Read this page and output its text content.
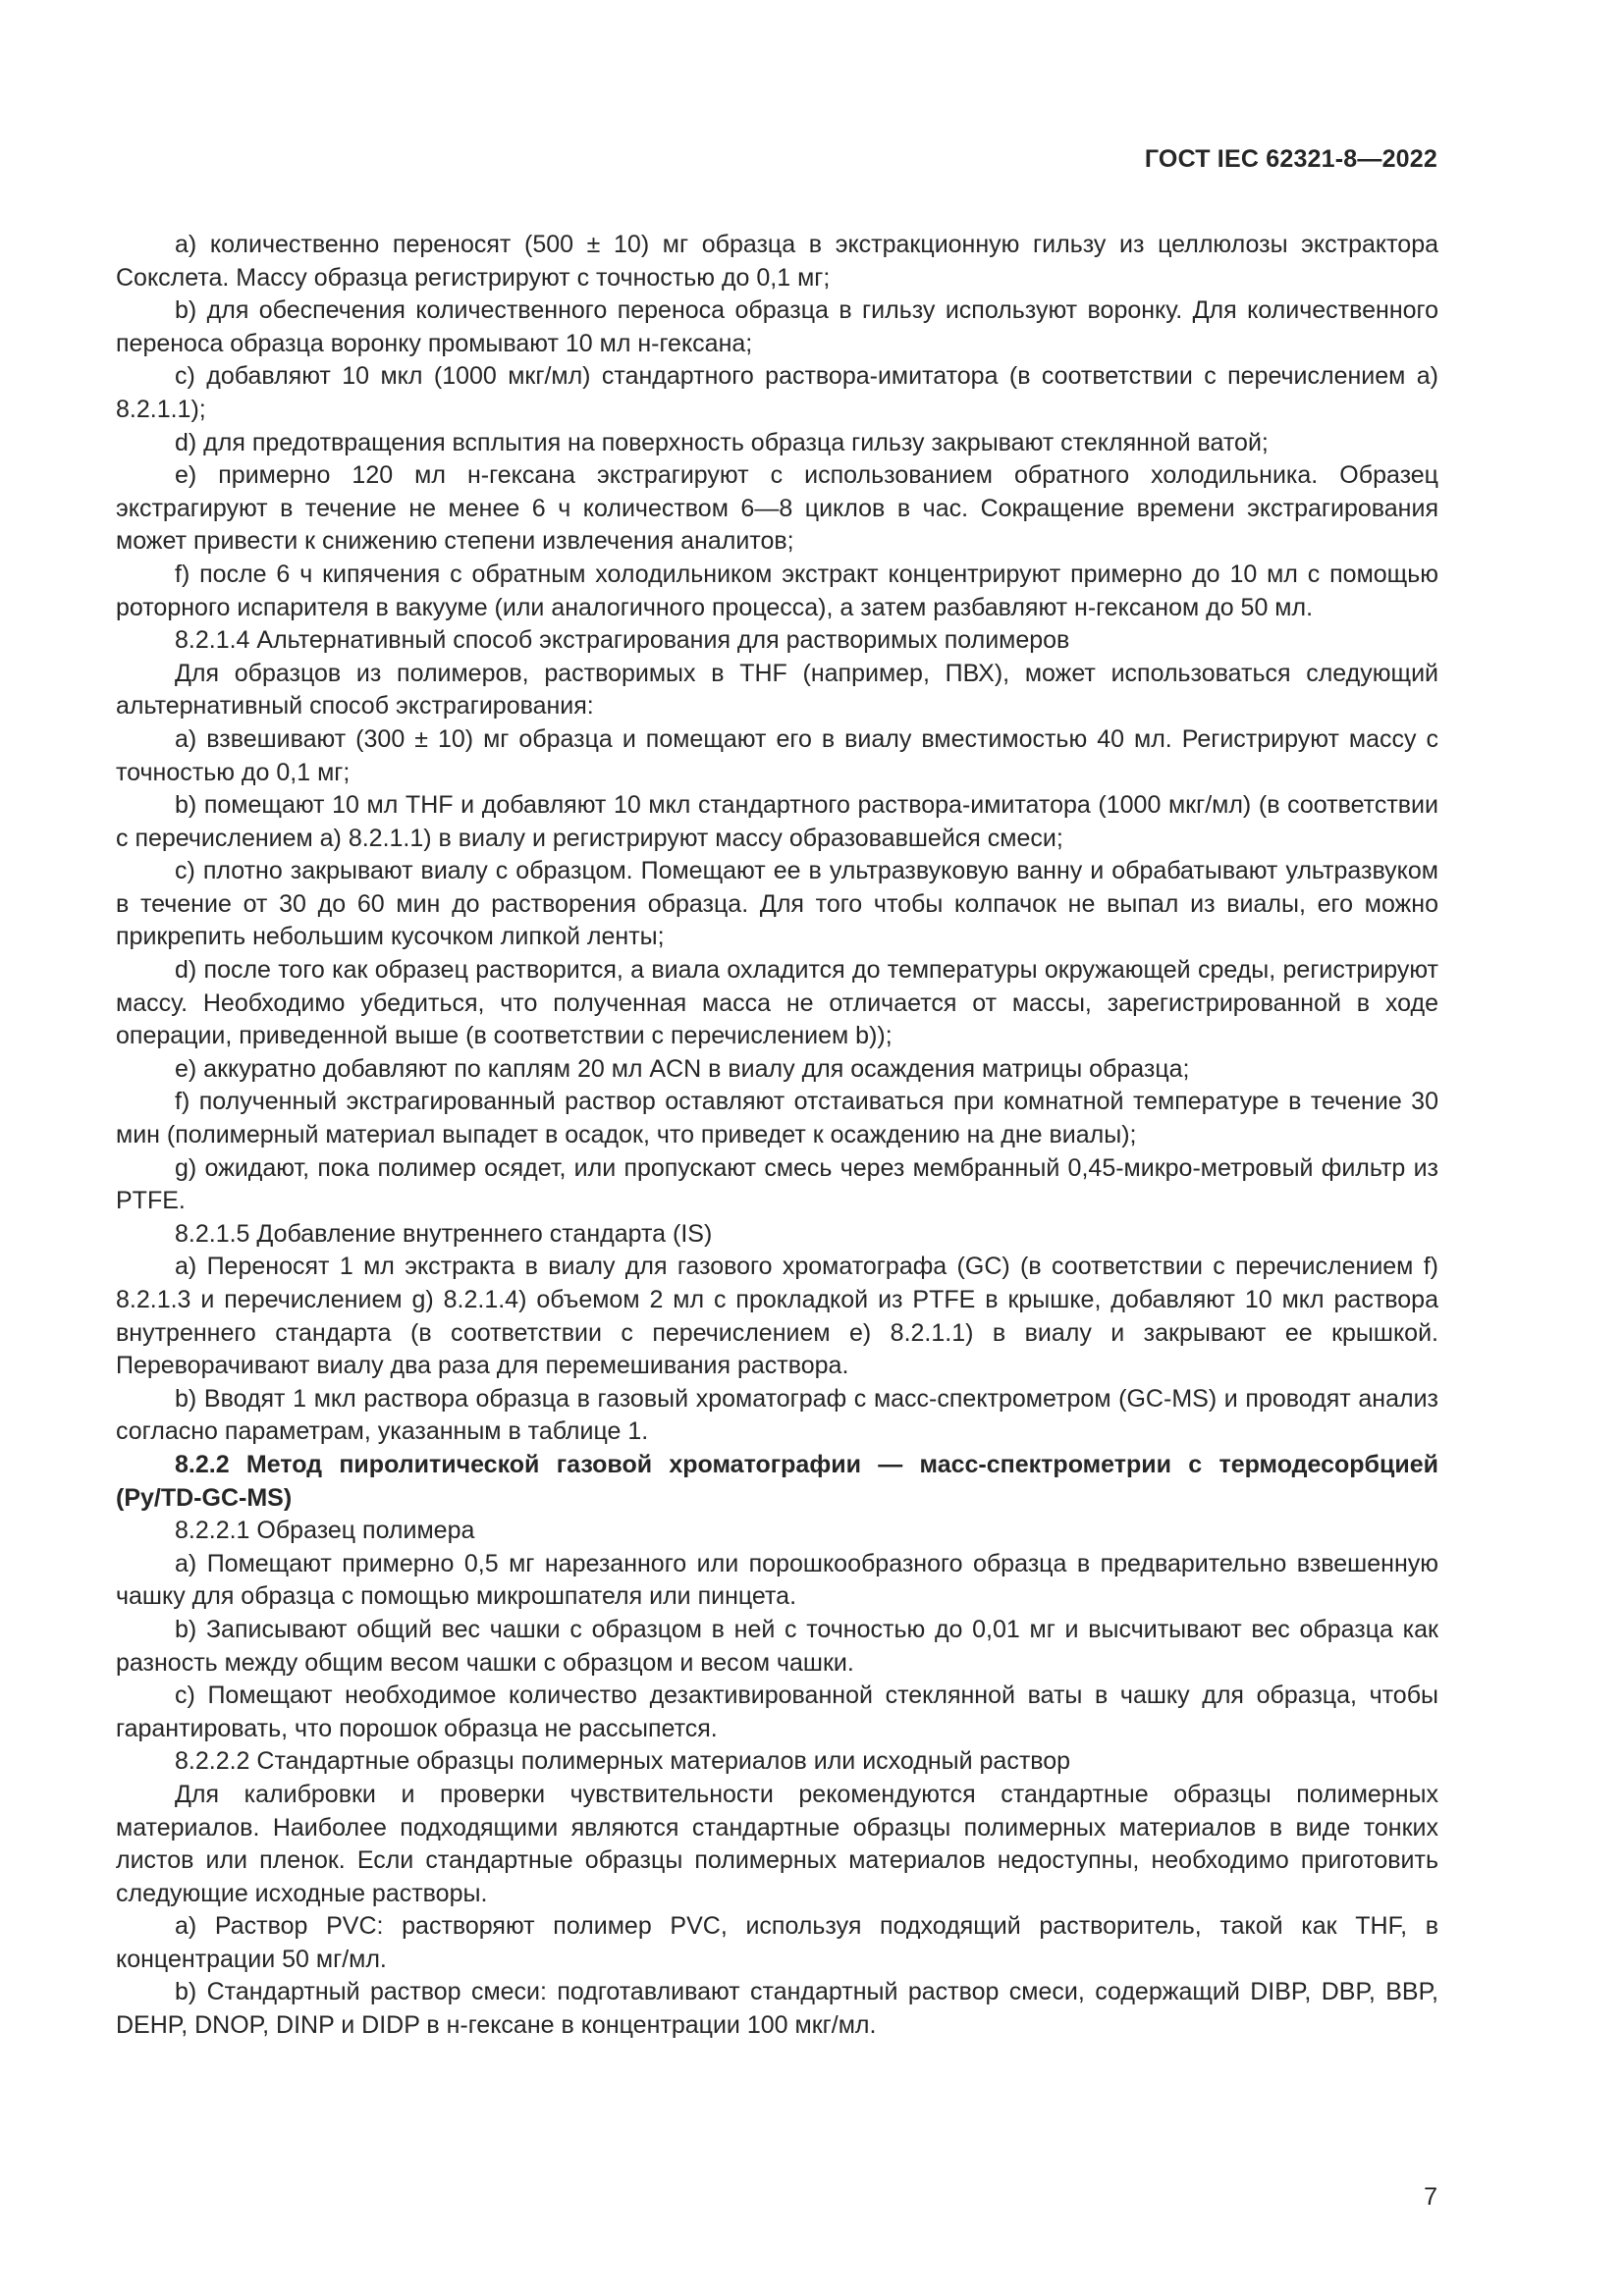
ГОСТ IEC 62321-8—2022

a) количественно переносят (500 ± 10) мг образца в экстракционную гильзу из целлюлозы экстрактора Сокслета. Массу образца регистрируют с точностью до 0,1 мг;

b) для обеспечения количественного переноса образца в гильзу используют воронку. Для количественного переноса образца воронку промывают 10 мл н-гексана;

c) добавляют 10 мкл (1000 мкг/мл) стандартного раствора-имитатора (в соответствии с перечислением a) 8.2.1.1);

d) для предотвращения всплытия на поверхность образца гильзу закрывают стеклянной ватой;

e) примерно 120 мл н-гексана экстрагируют с использованием обратного холодильника. Образец экстрагируют в течение не менее 6 ч количеством 6—8 циклов в час. Сокращение времени экстрагирования может привести к снижению степени извлечения аналитов;

f) после 6 ч кипячения с обратным холодильником экстракт концентрируют примерно до 10 мл с помощью роторного испарителя в вакууме (или аналогичного процесса), а затем разбавляют н-гексаном до 50 мл.

8.2.1.4 Альтернативный способ экстрагирования для растворимых полимеров

Для образцов из полимеров, растворимых в THF (например, ПВХ), может использоваться следующий альтернативный способ экстрагирования:

a) взвешивают (300 ± 10) мг образца и помещают его в виалу вместимостью 40 мл. Регистрируют массу с точностью до 0,1 мг;

b) помещают 10 мл THF и добавляют 10 мкл стандартного раствора-имитатора (1000 мкг/мл) (в соответствии с перечислением a) 8.2.1.1) в виалу и регистрируют массу образовавшейся смеси;

c) плотно закрывают виалу с образцом. Помещают ее в ультразвуковую ванну и обрабатывают ультразвуком в течение от 30 до 60 мин до растворения образца. Для того чтобы колпачок не выпал из виалы, его можно прикрепить небольшим кусочком липкой ленты;

d) после того как образец растворится, а виала охладится до температуры окружающей среды, регистрируют массу. Необходимо убедиться, что полученная масса не отличается от массы, зарегистрированной в ходе операции, приведенной выше (в соответствии с перечислением b));

e) аккуратно добавляют по каплям 20 мл ACN в виалу для осаждения матрицы образца;

f) полученный экстрагированный раствор оставляют отстаиваться при комнатной температуре в течение 30 мин (полимерный материал выпадет в осадок, что приведет к осаждению на дне виалы);

g) ожидают, пока полимер осядет, или пропускают смесь через мембранный 0,45-микро-метровый фильтр из PTFE.

8.2.1.5 Добавление внутреннего стандарта (IS)

a) Переносят 1 мл экстракта в виалу для газового хроматографа (GC) (в соответствии с перечислением f) 8.2.1.3 и перечислением g) 8.2.1.4) объемом 2 мл с прокладкой из PTFE в крышке, добавляют 10 мкл раствора внутреннего стандарта (в соответствии с перечислением e) 8.2.1.1) в виалу и закрывают ее крышкой. Переворачивают виалу два раза для перемешивания раствора.

b) Вводят 1 мкл раствора образца в газовый хроматограф с масс-спектрометром (GC-MS) и проводят анализ согласно параметрам, указанным в таблице 1.

8.2.2 Метод пиролитической газовой хроматографии — масс-спектрометрии с термодесорбцией (Py/TD-GC-MS)

8.2.2.1 Образец полимера

a) Помещают примерно 0,5 мг нарезанного или порошкообразного образца в предварительно взвешенную чашку для образца с помощью микрошпателя или пинцета.

b) Записывают общий вес чашки с образцом в ней с точностью до 0,01 мг и высчитывают вес образца как разность между общим весом чашки с образцом и весом чашки.

c) Помещают необходимое количество дезактивированной стеклянной ваты в чашку для образца, чтобы гарантировать, что порошок образца не рассыпется.

8.2.2.2 Стандартные образцы полимерных материалов или исходный раствор

Для калибровки и проверки чувствительности рекомендуются стандартные образцы полимерных материалов. Наиболее подходящими являются стандартные образцы полимерных материалов в виде тонких листов или пленок. Если стандартные образцы полимерных материалов недоступны, необходимо приготовить следующие исходные растворы.

a) Раствор PVC: растворяют полимер PVC, используя подходящий растворитель, такой как THF, в концентрации 50 мг/мл.

b) Стандартный раствор смеси: подготавливают стандартный раствор смеси, содержащий DIBP, DBP, BBP, DEHP, DNOP, DINP и DIDP в н-гексане в концентрации 100 мкг/мл.

7
